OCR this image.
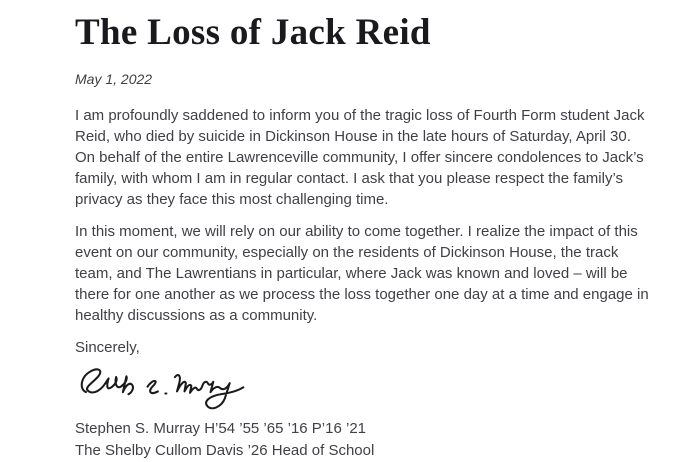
The Loss of Jack Reid
May 1, 2022

I am profoundly saddened to inform you of the tragic loss of Fourth Form student Jack Reid, who died by suicide in Dickinson House in the late hours of Saturday, April 30. On behalf of the entire Lawrenceville community, I offer sincere condolences to Jack’s family, with whom I am in regular contact. I ask that you please respect the family’s privacy as they face this most challenging time.

In this moment, we will rely on our ability to come together. I realize the impact of this event on our community, especially on the residents of Dickinson House, the track team, and The Lawrentians in particular, where Jack was known and loved – will be there for one another as we process the loss together one day at a time and engage in healthy discussions as a community.

Sincerely,

Stephen S. Murray H’54 ’55 ’65 ’16 P’16 ’21
The Shelby Cullom Davis ’26 Head of School
